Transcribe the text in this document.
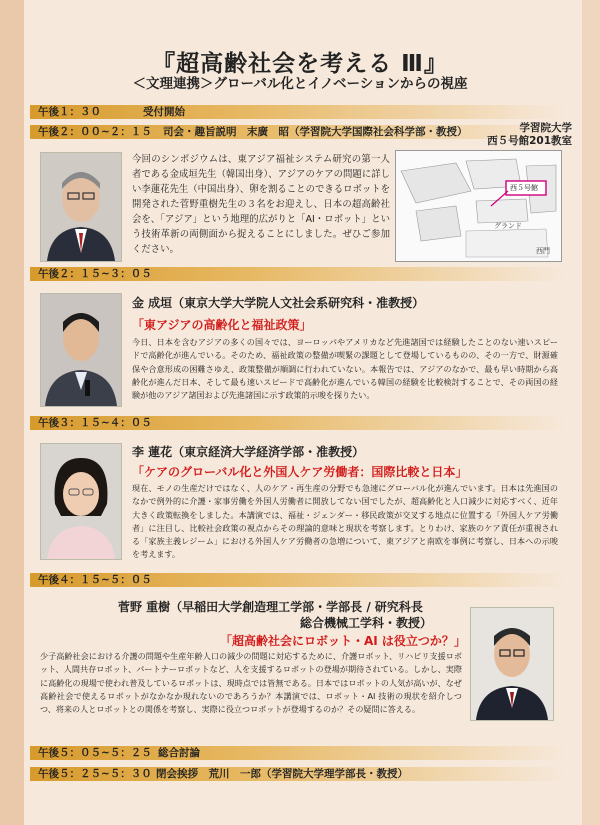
『超高齢社会を考える Ⅲ』
＜文理連携＞グローバル化とイノベーションからの視座
午後１：３０	受付開始
午後２：００~２：１５ 司会・趣旨説明　末廣　昭（学習院大学国際社会科学部・教授）	学習院大学
西５号館201教室
今回のシンポジウムは、東アジア福祉システム研究の第一人者である金成垣先生（韓国出身）、アジアのケアの問題に詳しい李蓮花先生（中国出身）、卵を割ることのできるロボットを開発された菅野重樹先生の３名をお迎えし、日本の超高齢社会を、「アジア」という地理的広がりと「AI・ロボット」という技術革新の両側面から捉えることにしました。ぜひご参加ください。
西５号館
グランド
西門
午後２：１５~３：０５
金 成垣（東京大学大学院人文社会系研究科・准教授）
「東アジアの高齢化と福祉政策」
今日、日本を含むアジアの多くの国々では、ヨーロッパやアメリカなど先進諸国では経験したことのない速いスピードで高齢化が進んでいる。そのため、福祉政策の整備が喫緊の課題として登場しているものの、その一方で、財源確保や合意形成の困難さゆえ、政策整備が順調に行われていない。本報告では、アジアのなかで、最も早い時期から高齢化が進んだ日本、そして最も速いスピードで高齢化が進んでいる韓国の経験を比較検討することで、その両国の経験が他のアジア諸国および先進諸国に示す政策的示唆を探りたい。
午後３：１５~４：０５
李 蓮花（東京経済大学経済学部・准教授）
「ケアのグローバル化と外国人ケア労働者：国際比較と日本」
現在、モノの生産だけではなく、人のケア・再生産の分野でも急速にグローバル化が進んでいます。日本は先進国のなかで例外的に介護・家事労働を外国人労働者に開放してない国でしたが、超高齢化と人口減少に対応すべく、近年大きく政策転換をしました。本講演では、福祉・ジェンダー・移民政策が交叉する地点に位置する「外国人ケア労働者」に注目し、比較社会政策の視点からその理論的意味と現状を考察します。とりわけ、家族のケア責任が重視される「家族主義レジーム」における外国人ケア労働者の急増について、東アジアと南欧を事例に考察し、日本への示唆を考えます。
午後４：１５~５：０５
菅野 重樹（早稲田大学創造理工学部・学部長 / 研究科長
総合機械工学科・教授）
「超高齢社会にロボット・AI は役立つか？」
少子高齢社会における介護の問題や生産年齢人口の減少の問題に対応するために、介護ロボット、リハビリ支援ロボット、人間共存ロボット、パートナーロボットなど、人を支援するロボットの登場が期待されている。しかし、実際に高齢化の現場で使われ普及しているロボットは、現時点では皆無である。日本ではロボットの人気が高いが、なぜ高齢社会で使えるロボットがなかなか現れないのであろうか？本講演では、ロボット・AI 技術の現状を紹介しつつ、将来の人とロボットとの関係を考察し、実際に役立つロボットが登場するのか？その疑問に答える。
午後５：０５~５：２５ 総合討論
午後５：２５~５：３０ 閉会挨拶　荒川　一郎（学習院大学理学部長・教授）
